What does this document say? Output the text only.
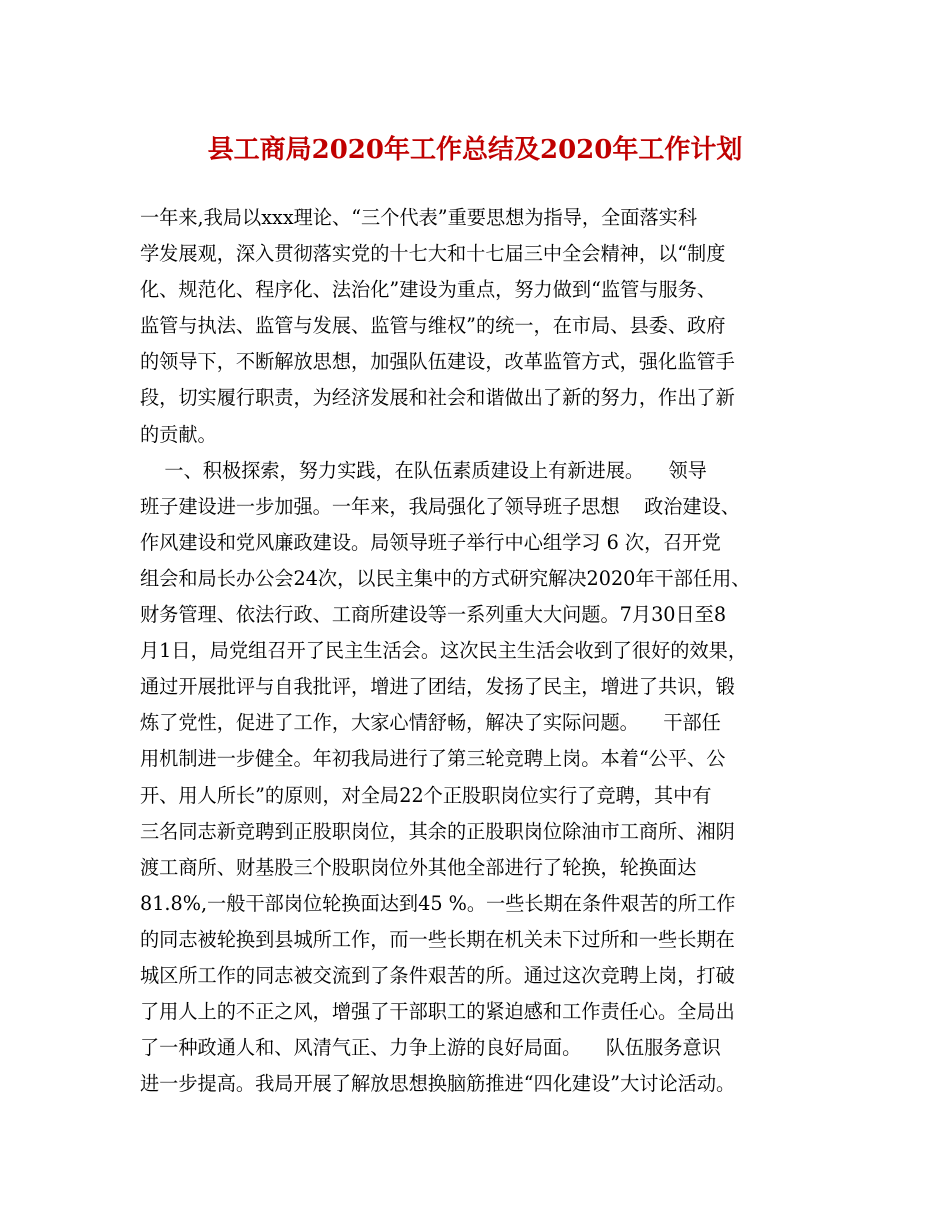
县工商局2020年工作总结及2020年工作计划
一年来,我局以xxx理论、“三个代表”重要思想为指导，全面落实科
学发展观，深入贯彻落实党的十七大和十七届三中全会精神，以“制度
化、规范化、程序化、法治化”建设为重点，努力做到“监管与服务、
监管与执法、监管与发展、监管与维权”的统一，在市局、县委、政府
的领导下，不断解放思想，加强队伍建设，改革监管方式，强化监管手
段，切实履行职责，为经济发展和社会和谐做出了新的努力，作出了新
的贡献。
一、积极探索，努力实践，在队伍素质建设上有新进展。    领导
班子建设进一步加强。一年来，我局强化了领导班子思想    政治建设、
作风建设和党风廉政建设。局领导班子举行中心组学习 6 次，召开党
组会和局长办公会24次，以民主集中的方式研究解决2020年干部任用、
财务管理、依法行政、工商所建设等一系列重大大问题。7月30日至8
月1日，局党组召开了民主生活会。这次民主生活会收到了很好的效果，
通过开展批评与自我批评，增进了团结，发扬了民主，增进了共识，锻
炼了党性，促进了工作，大家心情舒畅，解决了实际问题。    干部任
用机制进一步健全。年初我局进行了第三轮竞聘上岗。本着“公平、公
开、用人所长”的原则，对全局22个正股职岗位实行了竞聘，其中有
三名同志新竞聘到正股职岗位，其余的正股职岗位除油市工商所、湘阴
渡工商所、财基股三个股职岗位外其他全部进行了轮换，轮换面达
81.8%,一般干部岗位轮换面达到45 %。一些长期在条件艰苦的所工作
的同志被轮换到县城所工作，而一些长期在机关未下过所和一些长期在
城区所工作的同志被交流到了条件艰苦的所。通过这次竞聘上岗，打破
了用人上的不正之风，增强了干部职工的紧迫感和工作责任心。全局出
了一种政通人和、风清气正、力争上游的良好局面。    队伍服务意识
进一步提高。我局开展了解放思想换脑筋推进“四化建设”大讨论活动。
